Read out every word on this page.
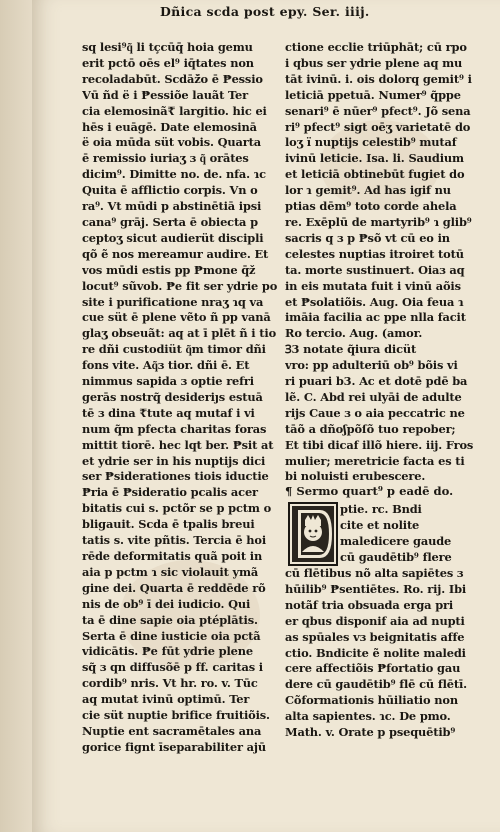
Dñica scda post epy. Ser. iiij.
sq lesi⁹q͂ li tçcūq̄ hoia gemu
erit pctō oēs el⁹ iq̄tates non
recoladabūt. Scdāž̄o ē ₱essio
Vū ñd ë i ₱essiõe lauãt Ter
cia elemosinã₹ largitio. hic ei
hēs i euāgē. Date elemosinā
ë oia mūda süt vobis. Quarta
ē remissio iuriaʒ ɜ q͂ orātes
dicim⁹. Dimitte no. de. nfa. ɿc
Quita ē afflictio corpis. Vn o
ra⁹. Vt mūdi p abstinētiā ipsi
cana⁹ grāj. Serta ē obiecta p
ceptoʒ sicut audierüt discipli
qõ ẽ nos mereamur audire. Et
vos mūdi estis pp ₱mone q̄ž
locut⁹ sũvob. ₱e fit ser ydrie po
site i purificatione nraʒ ɿq va
cue süt ē plene vẽto ñ pp vanā
glaʒ obseuãt: aq at ī plēt ñ i tio
re dñi custodiüt q͂m timor dñi
fons vite. Aq͂ɜ tior. dñi ē. Et
nimmus sapida ɜ optie refri
gerās nostrq̃ desideriȷs estuā
tē ɜ dina ₹tute aq mutaf i vi
num q̃m pfecta charitas foras
mittit tiorē. hec lqt ber. ₱sit at
et ydrie ser in his nuptijs dici
ser ₱siderationes tiois iductie
₱ria ē ₱sideratio pcalis acer
bitatis cui s. pctõr se p pctm o
bligauit. Scda ē tpalis breui
tatis s. vite pñtis. Tercia ē hoi
rēde deformitatis quã poit in
aia p pctm ɿ sic violauit ymã
gine dei. Quarta ē reddēde rõ
nis de ob⁹ ī dei iudicio. Qui
ta ē dine sapie oia ptéplātis.
Serta ē dine iusticie oia pctã
vidicātis. ₱e fūt ydrie plene
sq̃ ɜ qn diffusõē p ff. caritas i
cordib⁹ nris. Vt hr. ro. v. Tūc
aq mutat ivinū optimū. Ter
cie süt nuptie brifice fruitiõis.
Nuptie ent sacramētales ana
gorice fignt īseparabiliter ajū
ctione ecclie triūphāt; cū rpo
i qbus ser ydrie plene aq mu
tāt ivinū. i. ois dolorq gemit⁹ i
leticiā ppetuā. Numer⁹ q̃ppe
senari⁹ ē nūer⁹ pfect⁹. Jõ sena
ri⁹ pfect⁹ sigt oēʒ varietatē do
loʒ ï nuptijs celestib⁹ mutaf
ivinū leticie. Isa. li. Saudium
et leticiā obtinebūt fugiet do
lor ɿ gemit⁹. Ad has igif nu
ptias dēm⁹ toto corde ahela
re. Exēplū de martyrib⁹ ɿ glib⁹
sacris q ɜ p ₱sõ vt cū eo in
celestes nuptias itroiret totū
ta. morte sustinuert. Oiaɜ aq
in eis mutata fuit i vinū aõis
et ₱solatiõis. Aug. Oia feua ɿ
imāia facilia ac ppe nlla facit
Ro tercio. Aug. (amor.
Ɜ3 notate q̃iura dicüt
vro: pp adulteriū ob⁹ bõis vi
ri puari b3. Ac et dotē pdē ba
lẽ. C. Abd rei ulyāi de adulte
rijs Caue ɜ o aia peccatric ne
tāõ a dñoʃpõſõ tuo repober;
Et tibi dicaf illõ hiere. iij. Fros
mulier; meretricie facta es ti
bi noluisti erubescere.
¶ Sermo quart⁹ p eadē do.
ptie. rc. Bndi
cite et nolite
maledicere gaude
cū gaudētib⁹ flere
cū flētibus nõ alta sapiētes ɜ
hūilib⁹ ₱sentiētes. Ro. rij. Ibi
notãf tria obsuada erga pri
er qbus disponif aia ad nupti
as spūales vɜ beignitatis affe
ctio. Bndicite ẽ nolite maledi
cere affectiõis ₱fortatio gau
dere cū gaudētib⁹ flē cū flētī.
Cõformationis hūiliatio non
alta sapientes. ɿc. De pmo.
Math. v. Orate p psequētib⁹
